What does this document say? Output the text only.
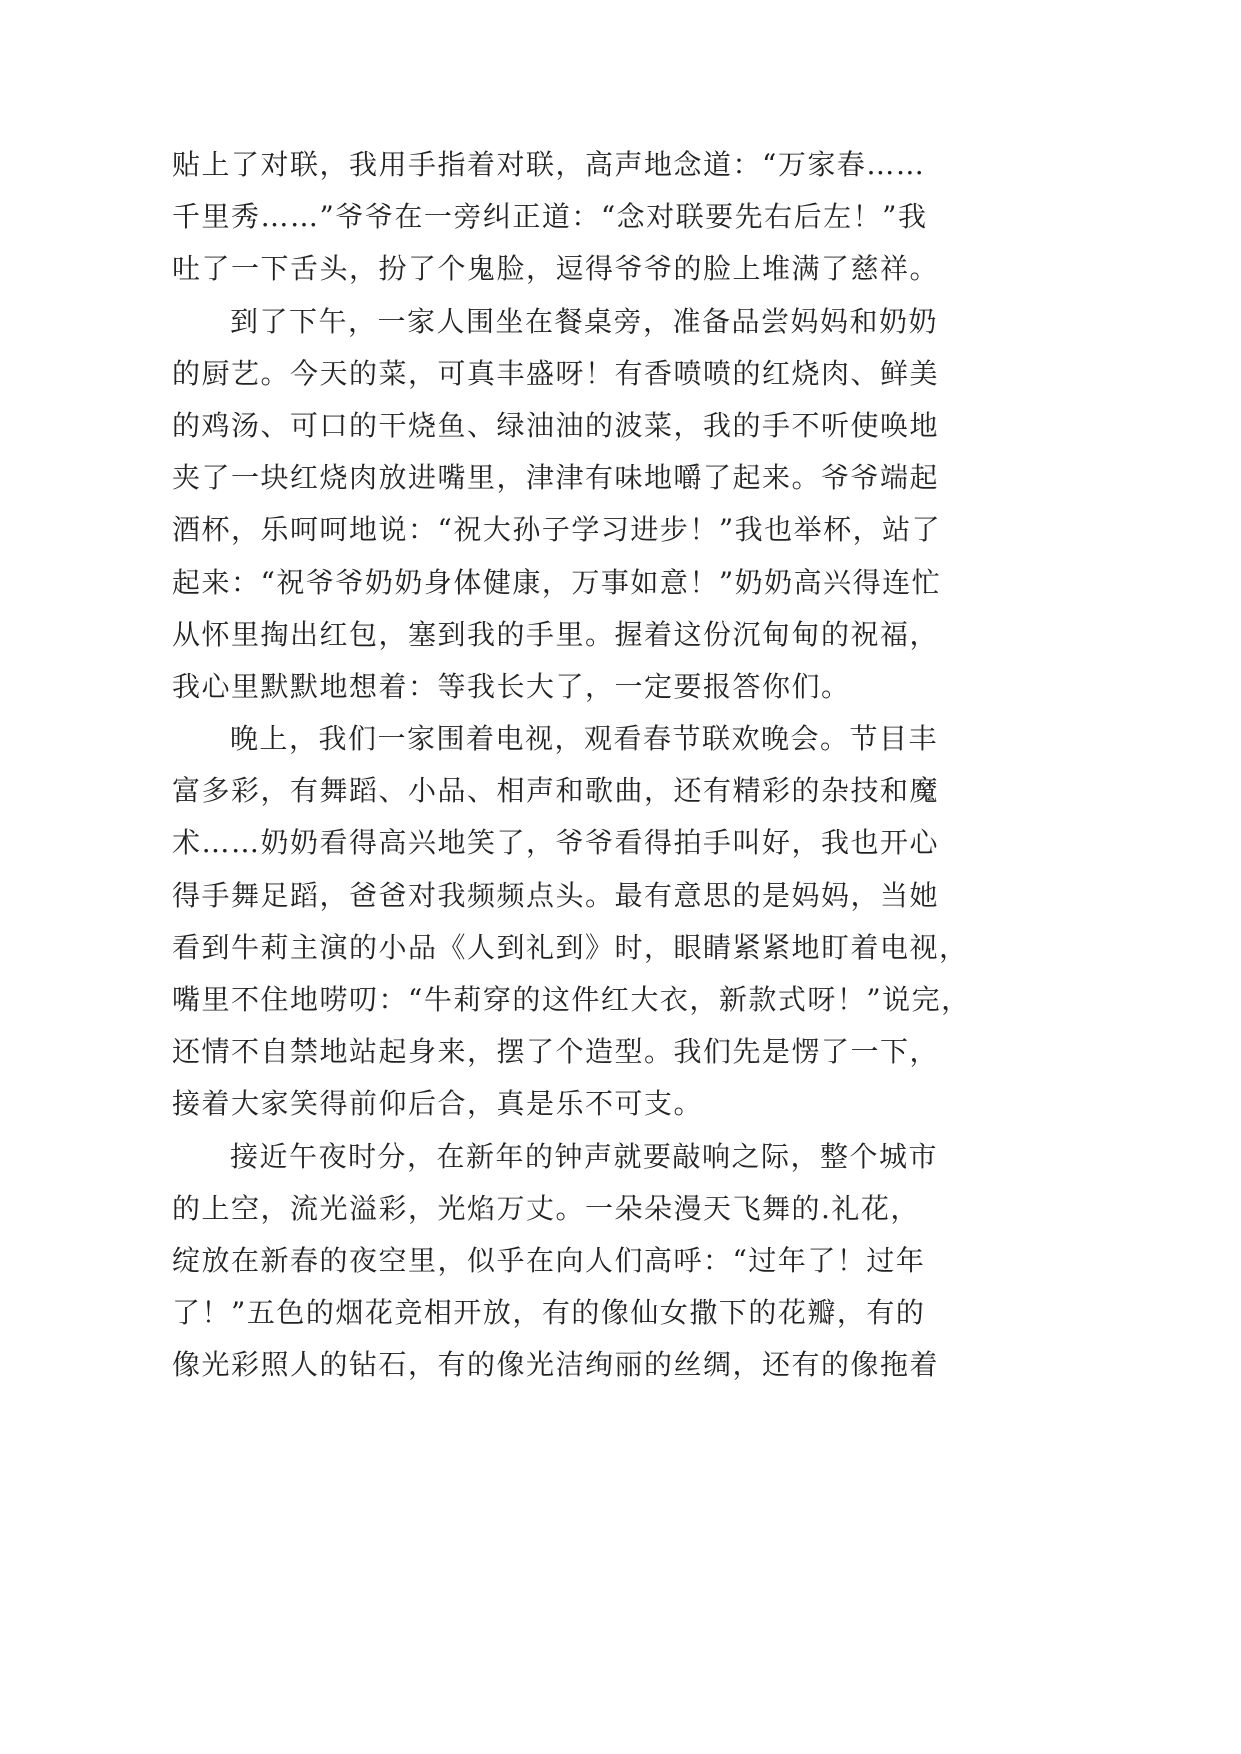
贴上了对联，我用手指着对联，高声地念道：“万家春……
千里秀……”爷爷在一旁纠正道：“念对联要先右后左！”我
吐了一下舌头，扮了个鬼脸，逗得爷爷的脸上堆满了慈祥。
到了下午，一家人围坐在餐桌旁，准备品尝妈妈和奶奶
的厨艺。今天的菜，可真丰盛呀！有香喷喷的红烧肉、鲜美
的鸡汤、可口的干烧鱼、绿油油的波菜，我的手不听使唤地
夹了一块红烧肉放进嘴里，津津有味地嚼了起来。爷爷端起
酒杯，乐呵呵地说：“祝大孙子学习进步！”我也举杯，站了
起来：“祝爷爷奶奶身体健康，万事如意！”奶奶高兴得连忙
从怀里掏出红包，塞到我的手里。握着这份沉甸甸的祝福，
我心里默默地想着：等我长大了，一定要报答你们。
晚上，我们一家围着电视，观看春节联欢晚会。节目丰
富多彩，有舞蹈、小品、相声和歌曲，还有精彩的杂技和魔
术……奶奶看得高兴地笑了，爷爷看得拍手叫好，我也开心
得手舞足蹈，爸爸对我频频点头。最有意思的是妈妈，当她
看到牛莉主演的小品《人到礼到》时，眼睛紧紧地盯着电视，
嘴里不住地唠叨：“牛莉穿的这件红大衣，新款式呀！”说完，
还情不自禁地站起身来，摆了个造型。我们先是愣了一下，
接着大家笑得前仰后合，真是乐不可支。
接近午夜时分，在新年的钟声就要敲响之际，整个城市
的上空，流光溢彩，光焰万丈。一朵朵漫天飞舞的.礼花，
绽放在新春的夜空里，似乎在向人们高呼：“过年了！过年
了！”五色的烟花竞相开放，有的像仙女撒下的花瓣，有的
像光彩照人的钻石，有的像光洁绚丽的丝绸，还有的像拖着
